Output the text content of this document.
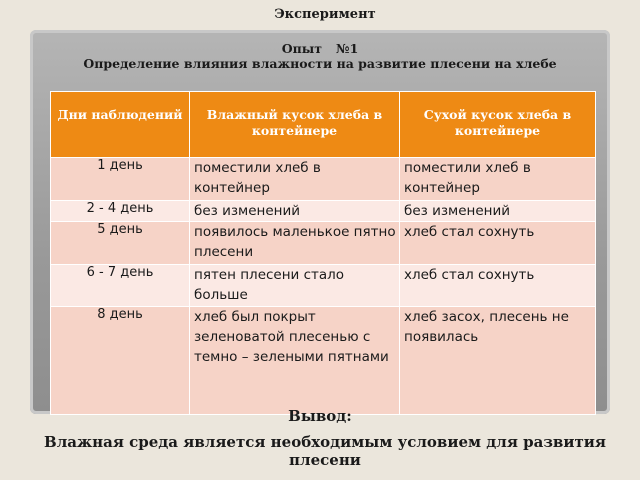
Эксперимент
Опыт №1
Определение влияния влажности на развитие плесени на хлебе
Дни наблюдений	Влажный кусок хлеба в контейнере	Сухой кусок хлеба в контейнере
1 день	поместили хлеб в контейнер	поместили хлеб в контейнер
2 - 4 день	без изменений	без изменений
5 день	появилось маленькое пятно плесени	хлеб стал сохнуть
6 - 7 день	пятен плесени стало больше	хлеб стал сохнуть
8 день	хлеб был покрыт зеленоватой плесенью с темно – зелеными пятнами	хлеб засох, плесень не появилась
Вывод:
Влажная среда является необходимым условием для развития плесени
